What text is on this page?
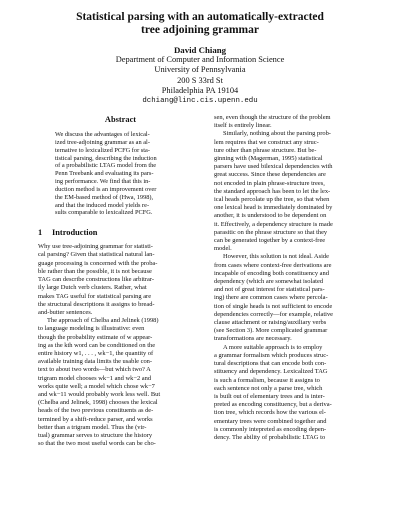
Statistical parsing with an automatically-extracted
tree adjoining grammar
David Chiang
Department of Computer and Information Science
University of Pennsylvania
200 S 33rd St
Philadelphia PA 19104
dchiang@linc.cis.upenn.edu
Abstract
We discuss the advantages of lexical-
ized tree-adjoining grammar as an al-
ternative to lexicalized PCFG for sta-
tistical parsing, describing the induction
of a probabilistic LTAG model from the
Penn Treebank and evaluating its pars-
ing performance. We find that this in-
duction method is an improvement over
the EM-based method of (Hwa, 1998),
and that the induced model yields re-
sults comparable to lexicalized PCFG.
1 Introduction
Why use tree-adjoining grammar for statisti-
cal parsing? Given that statistical natural lan-
guage processing is concerned with the proba-
ble rather than the possible, it is not because
TAG can describe constructions like arbitrar-
ily large Dutch verb clusters. Rather, what
makes TAG useful for statistical parsing are
the structural descriptions it assigns to bread-
and-butter sentences.
The approach of Chelba and Jelinek (1998)
to language modeling is illustrative: even
though the probability estimate of w appear-
ing as the kth word can be conditioned on the
entire history w1, . . . , wk−1, the quantity of
available training data limits the usable con-
text to about two words—but which two? A
trigram model chooses wk−1 and wk−2 and
works quite well; a model which chose wk−7
and wk−11 would probably work less well. But
(Chelba and Jelinek, 1998) chooses the lexical
heads of the two previous constituents as de-
termined by a shift-reduce parser, and works
better than a trigram model. Thus the (vir-
tual) grammar serves to structure the history
so that the two most useful words can be cho-
sen, even though the structure of the problem
itself is entirely linear.
Similarly, nothing about the parsing prob-
lem requires that we construct any struc-
ture other than phrase structure. But be-
ginning with (Magerman, 1995) statistical
parsers have used bilexical dependencies with
great success. Since these dependencies are
not encoded in plain phrase-structure trees,
the standard approach has been to let the lex-
ical heads percolate up the tree, so that when
one lexical head is immediately dominated by
another, it is understood to be dependent on
it. Effectively, a dependency structure is made
parasitic on the phrase structure so that they
can be generated together by a context-free
model.
However, this solution is not ideal. Aside
from cases where context-free derivations are
incapable of encoding both constituency and
dependency (which are somewhat isolated
and not of great interest for statistical pars-
ing) there are common cases where percola-
tion of single heads is not sufficient to encode
dependencies correctly—for example, relative
clause attachment or raising/auxiliary verbs
(see Section 3). More complicated grammar
transformations are necessary.
A more suitable approach is to employ
a grammar formalism which produces struc-
tural descriptions that can encode both con-
stituency and dependency. Lexicalized TAG
is such a formalism, because it assigns to
each sentence not only a parse tree, which
is built out of elementary trees and is inter-
preted as encoding constituency, but a deriva-
tion tree, which records how the various el-
ementary trees were combined together and
is commonly intepreted as encoding depen-
dency. The ability of probabilistic LTAG to
